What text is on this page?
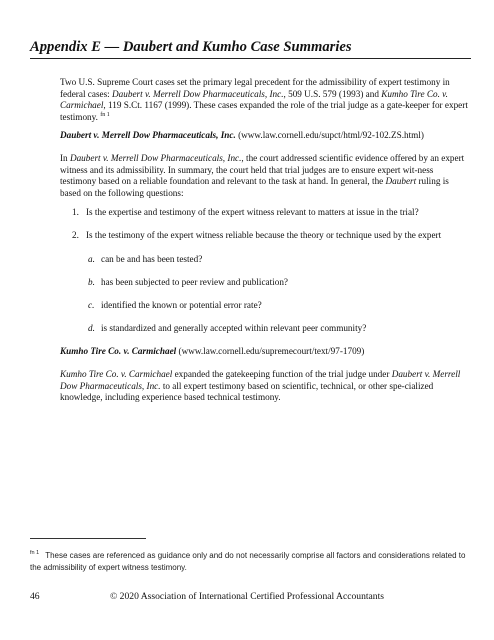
Appendix E — Daubert and Kumho Case Summaries

Two U.S. Supreme Court cases set the primary legal precedent for the admissibility of expert testimony in federal cases: Daubert v. Merrell Dow Pharmaceuticals, Inc., 509 U.S. 579 (1993) and Kumho Tire Co. v. Carmichael, 119 S.Ct. 1167 (1999). These cases expanded the role of the trial judge as a gate-keeper for expert testimony. $^{fn 1}$

Daubert v. Merrell Dow Pharmaceuticals, Inc. (www.law.cornell.edu/supct/html/92-102.ZS.html)

In Daubert v. Merrell Dow Pharmaceuticals, Inc., the court addressed scientific evidence offered by an expert witness and its admissibility. In summary, the court held that trial judges are to ensure expert wit-ness testimony based on a reliable foundation and relevant to the task at hand. In general, the Daubert ruling is based on the following questions:

1. Is the expertise and testimony of the expert witness relevant to matters at issue in the trial?
2. Is the testimony of the expert witness reliable because the theory or technique used by the expert
a. can be and has been tested?
b. has been subjected to peer review and publication?
c. identified the known or potential error rate?
d. is standardized and generally accepted within relevant peer community?

Kumho Tire Co. v. Carmichael (www.law.cornell.edu/supremecourt/text/97-1709)

Kumho Tire Co. v. Carmichael expanded the gatekeeping function of the trial judge under Daubert v. Merrell Dow Pharmaceuticals, Inc. to all expert testimony based on scientific, technical, or other spe-cialized knowledge, including experience based technical testimony.

$^{fn 1}$ These cases are referenced as guidance only and do not necessarily comprise all factors and considerations related to the admissibility of expert witness testimony.
46	© 2020 Association of International Certified Professional Accountants
